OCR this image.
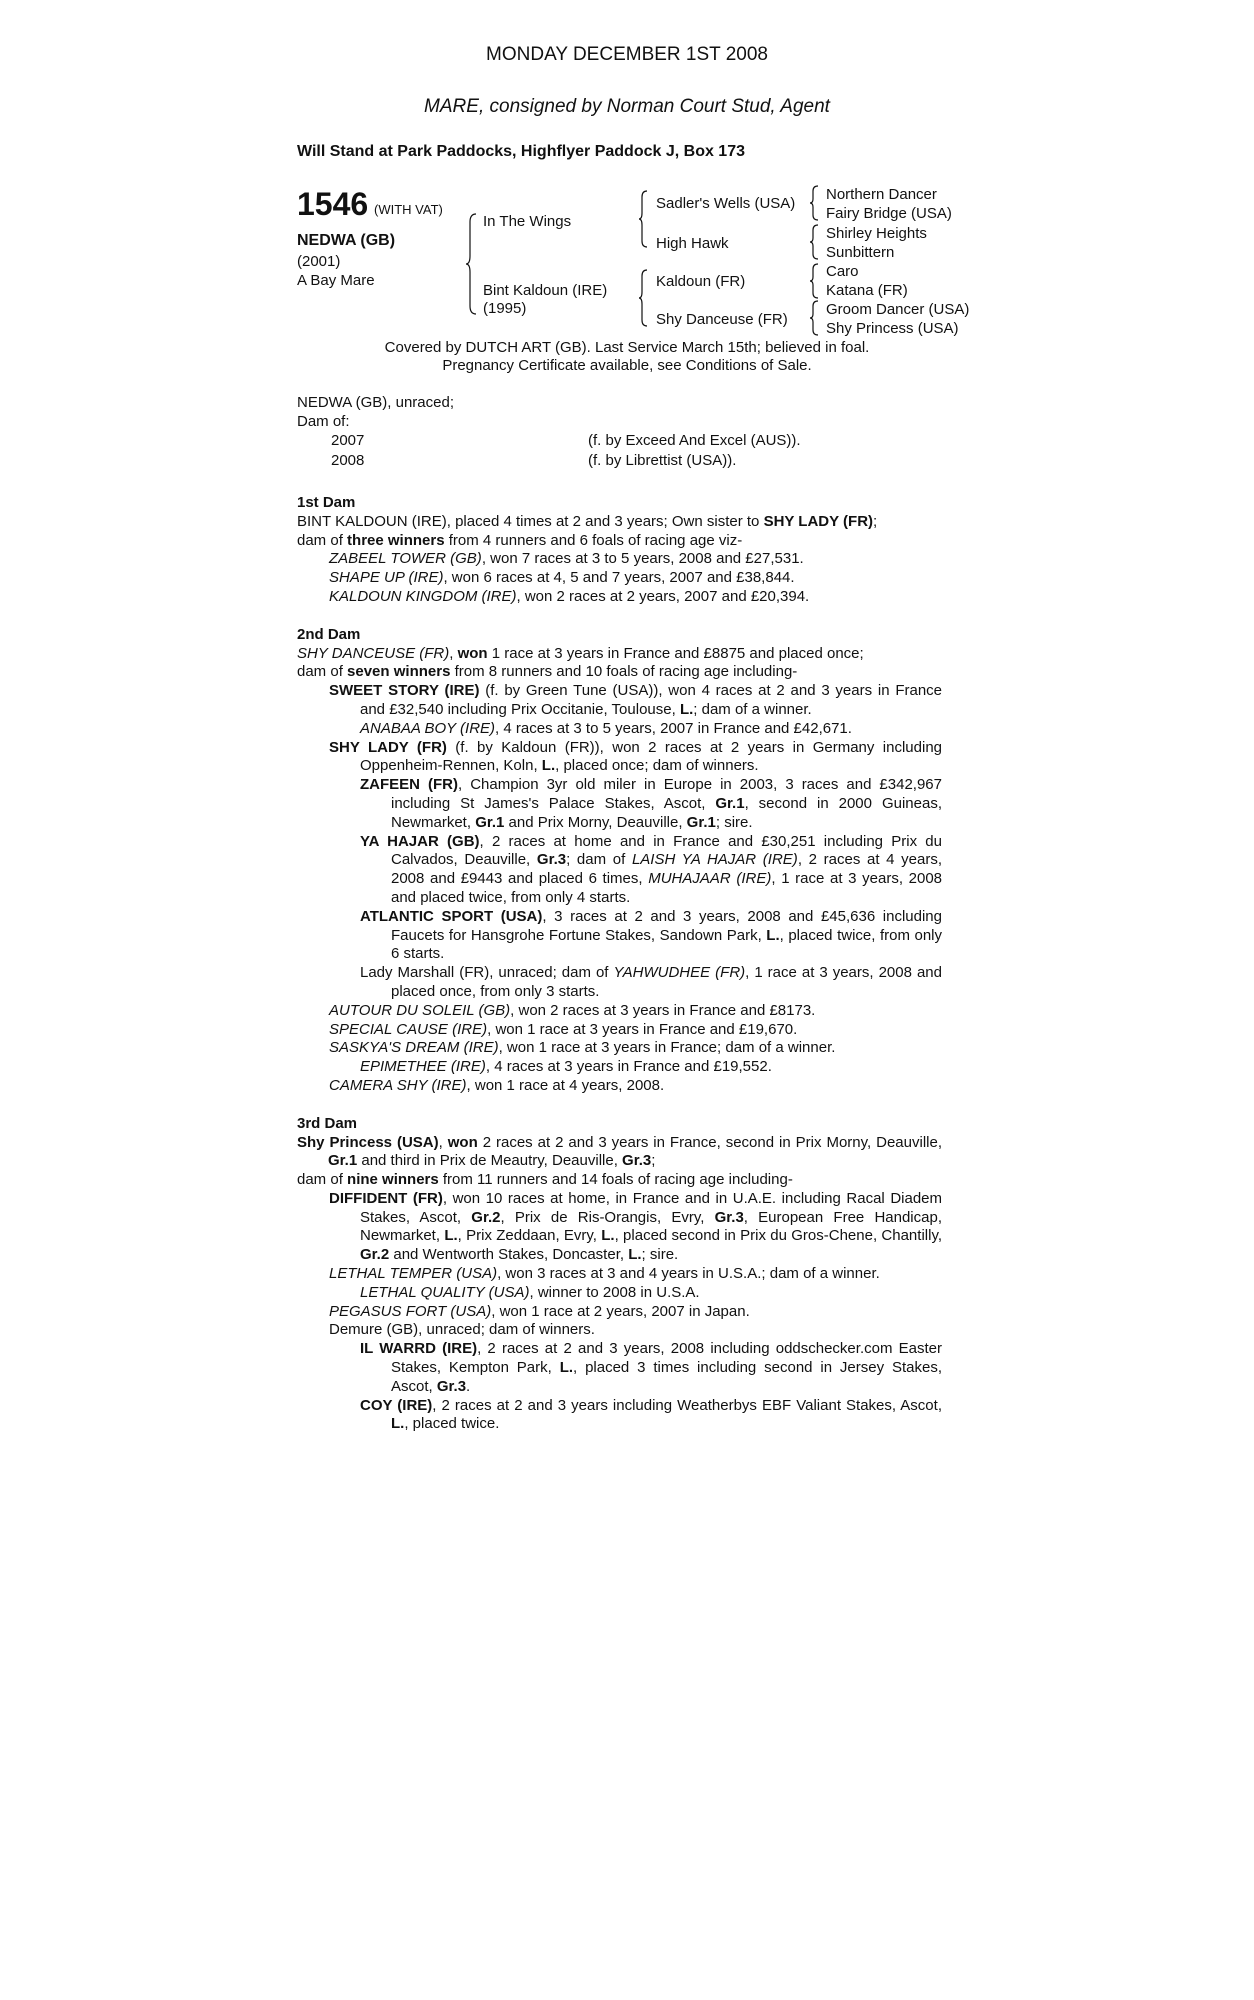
MONDAY DECEMBER 1ST 2008
MARE, consigned by Norman Court Stud, Agent
Will Stand at Park Paddocks, Highflyer Paddock J, Box 173
1546 (WITH VAT)
NEDWA (GB)
(2001)
A Bay Mare
In The Wings
Bint Kaldoun (IRE)
(1995)
Sadler's Wells (USA)
High Hawk
Kaldoun (FR)
Shy Danceuse (FR)
Northern Dancer
Fairy Bridge (USA)
Shirley Heights
Sunbittern
Caro
Katana (FR)
Groom Dancer (USA)
Shy Princess (USA)
Covered by DUTCH ART (GB). Last Service March 15th; believed in foal.
Pregnancy Certificate available, see Conditions of Sale.
NEDWA (GB), unraced;
Dam of:
2007	(f. by Exceed And Excel (AUS)).
2008	(f. by Librettist (USA)).

1st Dam

BINT KALDOUN (IRE), placed 4 times at 2 and 3 years; Own sister to SHY LADY (FR);

dam of three winners from 4 runners and 6 foals of racing age viz-

ZABEEL TOWER (GB), won 7 races at 3 to 5 years, 2008 and £27,531.

SHAPE UP (IRE), won 6 races at 4, 5 and 7 years, 2007 and £38,844.

KALDOUN KINGDOM (IRE), won 2 races at 2 years, 2007 and £20,394.

2nd Dam

SHY DANCEUSE (FR), won 1 race at 3 years in France and £8875 and placed once;

dam of seven winners from 8 runners and 10 foals of racing age including-

SWEET STORY (IRE) (f. by Green Tune (USA)), won 4 races at 2 and 3 years in France and £32,540 including Prix Occitanie, Toulouse, L.; dam of a winner.

ANABAA BOY (IRE), 4 races at 3 to 5 years, 2007 in France and £42,671.

SHY LADY (FR) (f. by Kaldoun (FR)), won 2 races at 2 years in Germany including Oppenheim-Rennen, Koln, L., placed once; dam of winners.

ZAFEEN (FR), Champion 3yr old miler in Europe in 2003, 3 races and £342,967 including St James's Palace Stakes, Ascot, Gr.1, second in 2000 Guineas, Newmarket, Gr.1 and Prix Morny, Deauville, Gr.1; sire.

YA HAJAR (GB), 2 races at home and in France and £30,251 including Prix du Calvados, Deauville, Gr.3; dam of LAISH YA HAJAR (IRE), 2 races at 4 years, 2008 and £9443 and placed 6 times, MUHAJAAR (IRE), 1 race at 3 years, 2008 and placed twice, from only 4 starts.

ATLANTIC SPORT (USA), 3 races at 2 and 3 years, 2008 and £45,636 including Faucets for Hansgrohe Fortune Stakes, Sandown Park, L., placed twice, from only 6 starts.

Lady Marshall (FR), unraced; dam of YAHWUDHEE (FR), 1 race at 3 years, 2008 and placed once, from only 3 starts.

AUTOUR DU SOLEIL (GB), won 2 races at 3 years in France and £8173.

SPECIAL CAUSE (IRE), won 1 race at 3 years in France and £19,670.

SASKYA'S DREAM (IRE), won 1 race at 3 years in France; dam of a winner.

EPIMETHEE (IRE), 4 races at 3 years in France and £19,552.

CAMERA SHY (IRE), won 1 race at 4 years, 2008.

3rd Dam

Shy Princess (USA), won 2 races at 2 and 3 years in France, second in Prix Morny, Deauville, Gr.1 and third in Prix de Meautry, Deauville, Gr.3;

dam of nine winners from 11 runners and 14 foals of racing age including-

DIFFIDENT (FR), won 10 races at home, in France and in U.A.E. including Racal Diadem Stakes, Ascot, Gr.2, Prix de Ris-Orangis, Evry, Gr.3, European Free Handicap, Newmarket, L., Prix Zeddaan, Evry, L., placed second in Prix du Gros-Chene, Chantilly, Gr.2 and Wentworth Stakes, Doncaster, L.; sire.

LETHAL TEMPER (USA), won 3 races at 3 and 4 years in U.S.A.; dam of a winner.

LETHAL QUALITY (USA), winner to 2008 in U.S.A.

PEGASUS FORT (USA), won 1 race at 2 years, 2007 in Japan.

Demure (GB), unraced; dam of winners.

IL WARRD (IRE), 2 races at 2 and 3 years, 2008 including oddschecker.com Easter Stakes, Kempton Park, L., placed 3 times including second in Jersey Stakes, Ascot, Gr.3.

COY (IRE), 2 races at 2 and 3 years including Weatherbys EBF Valiant Stakes, Ascot, L., placed twice.
